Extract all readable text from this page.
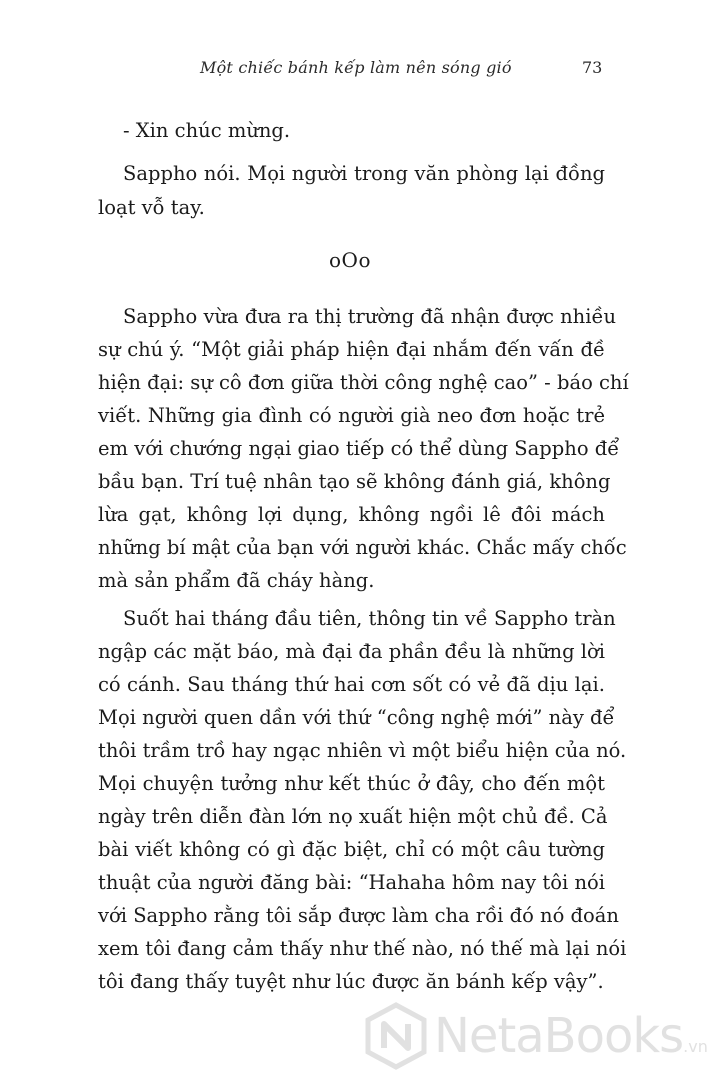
Một chiếc bánh kếp làm nên sóng gió	73
- Xin chúc mừng.
Sappho nói. Mọi người trong văn phòng lại đồng
loạt vỗ tay.
oOo
Sappho vừa đưa ra thị trường đã nhận được nhiều
sự chú ý. “Một giải pháp hiện đại nhắm đến vấn đề
hiện đại: sự cô đơn giữa thời công nghệ cao” - báo chí
viết. Những gia đình có người già neo đơn hoặc trẻ
em với chướng ngại giao tiếp có thể dùng Sappho để
bầu bạn. Trí tuệ nhân tạo sẽ không đánh giá, không
lừa gạt, không lợi dụng, không ngồi lê đôi mách
những bí mật của bạn với người khác. Chắc mấy chốc
mà sản phẩm đã cháy hàng.
Suốt hai tháng đầu tiên, thông tin về Sappho tràn
ngập các mặt báo, mà đại đa phần đều là những lời
có cánh. Sau tháng thứ hai cơn sốt có vẻ đã dịu lại.
Mọi người quen dần với thứ “công nghệ mới” này để
thôi trầm trồ hay ngạc nhiên vì một biểu hiện của nó.
Mọi chuyện tưởng như kết thúc ở đây, cho đến một
ngày trên diễn đàn lớn nọ xuất hiện một chủ đề. Cả
bài viết không có gì đặc biệt, chỉ có một câu tường
thuật của người đăng bài: “Hahaha hôm nay tôi nói
với Sappho rằng tôi sắp được làm cha rồi đó nó đoán
xem tôi đang cảm thấy như thế nào, nó thế mà lại nói
tôi đang thấy tuyệt như lúc được ăn bánh kếp vậy”.
NetaBooks.vn
